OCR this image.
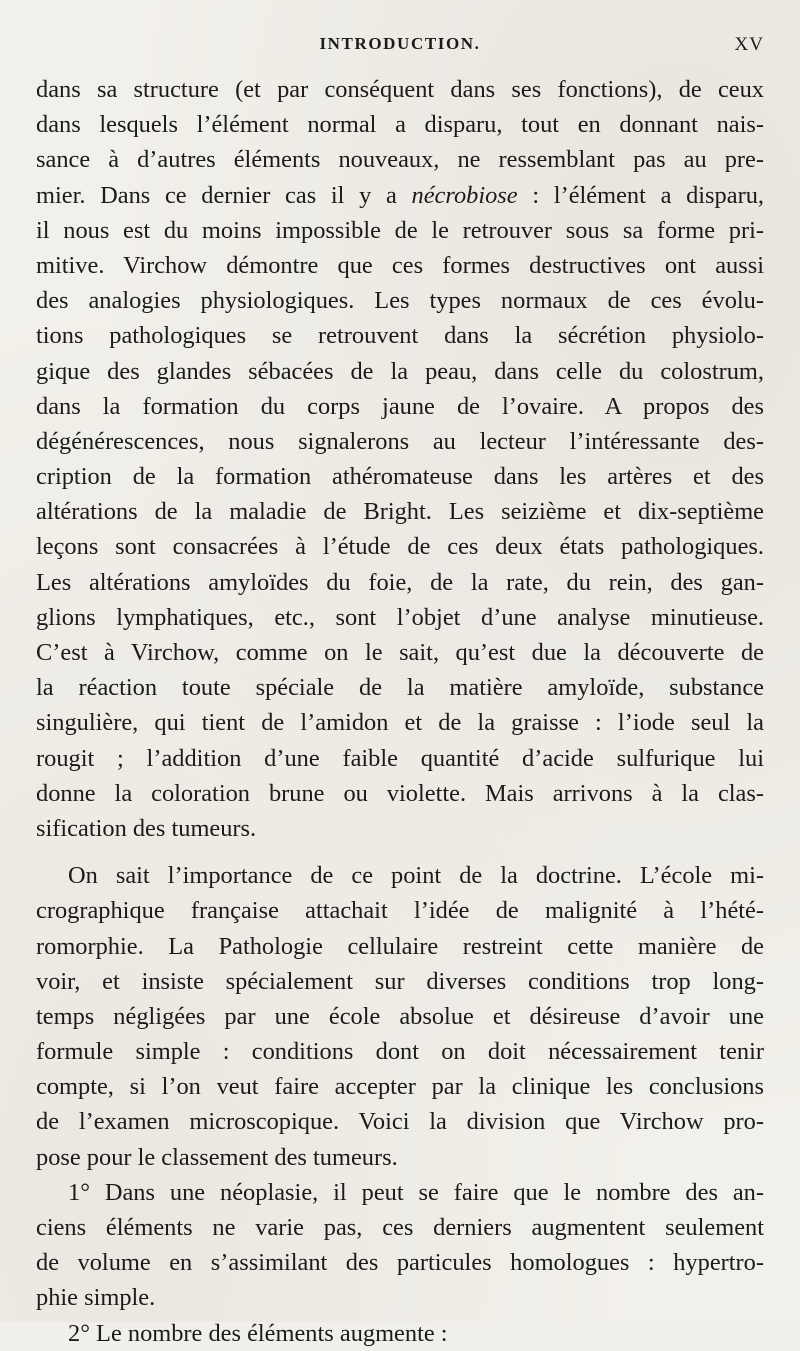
INTRODUCTION.	XV
dans sa structure (et par conséquent dans ses fonctions), de ceux
dans lesquels l’élément normal a disparu, tout en donnant nais-
sance à d’autres éléments nouveaux, ne ressemblant pas au pre-
mier. Dans ce dernier cas il y a nécrobiose : l’élément a disparu,
il nous est du moins impossible de le retrouver sous sa forme pri-
mitive. Virchow démontre que ces formes destructives ont aussi
des analogies physiologiques. Les types normaux de ces évolu-
tions pathologiques se retrouvent dans la sécrétion physiolo-
gique des glandes sébacées de la peau, dans celle du colostrum,
dans la formation du corps jaune de l’ovaire. A propos des
dégénérescences, nous signalerons au lecteur l’intéressante des-
cription de la formation athéromateuse dans les artères et des
altérations de la maladie de Bright. Les seizième et dix-septième
leçons sont consacrées à l’étude de ces deux états pathologiques.
Les altérations amyloïdes du foie, de la rate, du rein, des gan-
glions lymphatiques, etc., sont l’objet d’une analyse minutieuse.
C’est à Virchow, comme on le sait, qu’est due la découverte de
la réaction toute spéciale de la matière amyloïde, substance
singulière, qui tient de l’amidon et de la graisse : l’iode seul la
rougit ; l’addition d’une faible quantité d’acide sulfurique lui
donne la coloration brune ou violette. Mais arrivons à la clas-
sification des tumeurs.
On sait l’importance de ce point de la doctrine. L’école mi-
crographique française attachait l’idée de malignité à l’hété-
romorphie. La Pathologie cellulaire restreint cette manière de
voir, et insiste spécialement sur diverses conditions trop long-
temps négligées par une école absolue et désireuse d’avoir une
formule simple : conditions dont on doit nécessairement tenir
compte, si l’on veut faire accepter par la clinique les conclusions
de l’examen microscopique. Voici la division que Virchow pro-
pose pour le classement des tumeurs.
1° Dans une néoplasie, il peut se faire que le nombre des an-
ciens éléments ne varie pas, ces derniers augmentent seulement
de volume en s’assimilant des particules homologues : hypertro-
phie simple.
2° Le nombre des éléments augmente :
